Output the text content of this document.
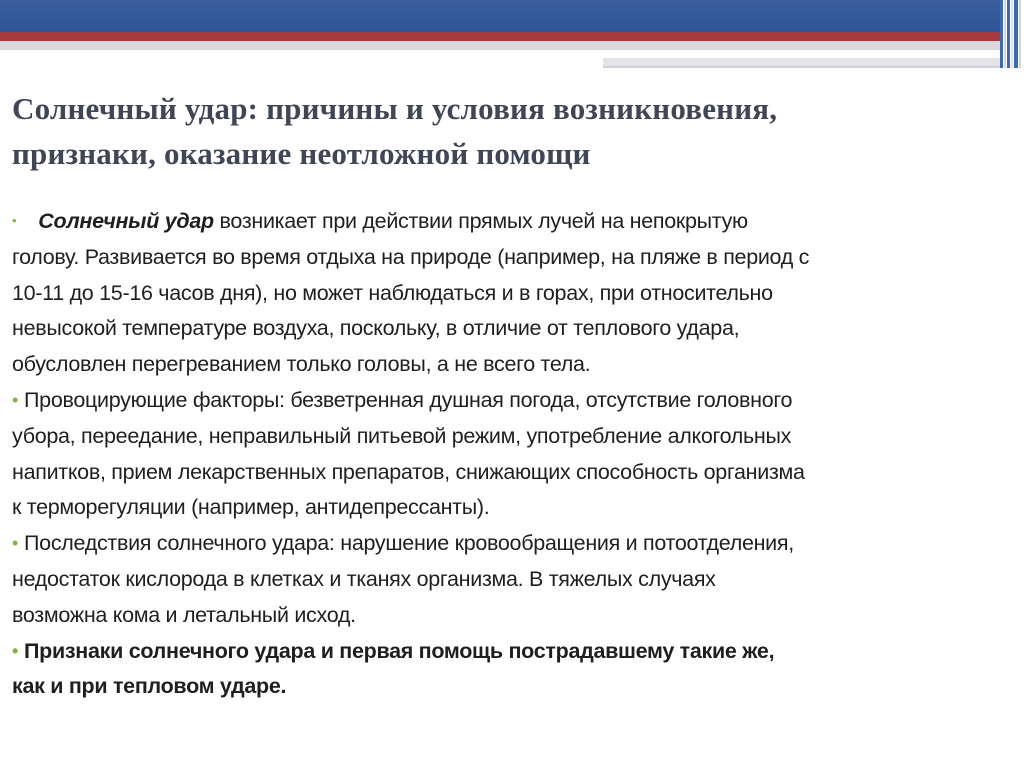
Солнечный удар: причины и условия возникновения,
признаки, оказание неотложной помощи
• Солнечный удар возникает при действии прямых лучей на непокрытую
голову. Развивается во время отдыха на природе (например, на пляже в период с
10-11 до 15-16 часов дня), но может наблюдаться и в горах, при относительно
невысокой температуре воздуха, поскольку, в отличие от теплового удара,
обусловлен перегреванием только головы, а не всего тела.
• Провоцирующие факторы: безветренная душная погода, отсутствие головного
убора, переедание, неправильный питьевой режим, употребление алкогольных
напитков, прием лекарственных препаратов, снижающих способность организма
к терморегуляции (например, антидепрессанты).
• Последствия солнечного удара: нарушение кровообращения и потоотделения,
недостаток кислорода в клетках и тканях организма. В тяжелых случаях
возможна кома и летальный исход.
• Признаки солнечного удара и первая помощь пострадавшему такие же,
как и при тепловом ударе.
